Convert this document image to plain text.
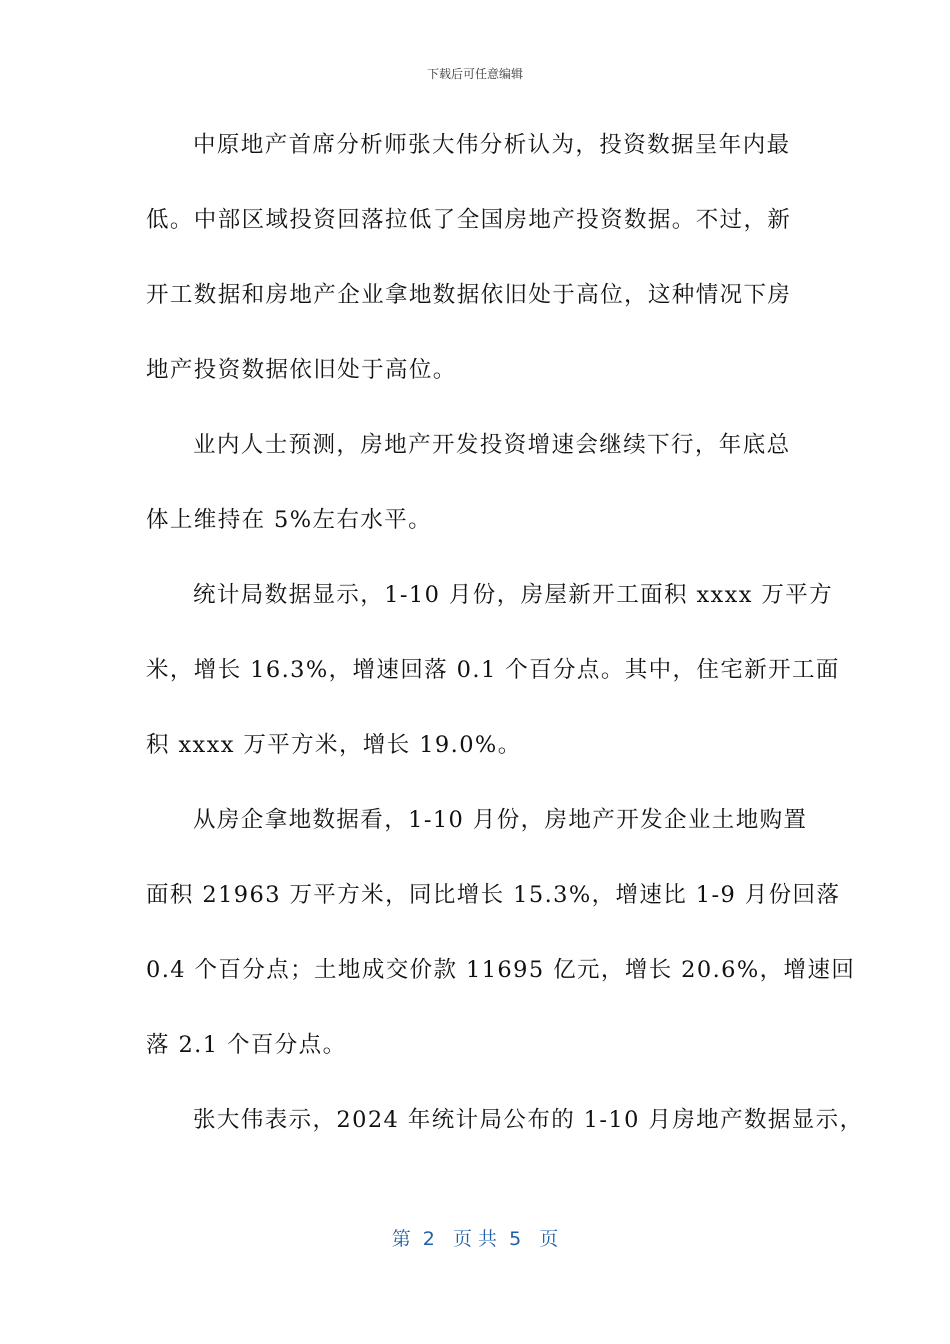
下载后可任意编辑
中原地产首席分析师张大伟分析认为，投资数据呈年内最
低。中部区域投资回落拉低了全国房地产投资数据。不过，新
开工数据和房地产企业拿地数据依旧处于高位，这种情况下房
地产投资数据依旧处于高位。
业内人士预测，房地产开发投资增速会继续下行，年底总
体上维持在 5%左右水平。
统计局数据显示，1-10 月份，房屋新开工面积 xxxx 万平方
米，增长 16.3%，增速回落 0.1 个百分点。其中，住宅新开工面
积 xxxx 万平方米，增长 19.0%。
从房企拿地数据看，1-10 月份，房地产开发企业土地购置
面积 21963 万平方米，同比增长 15.3%，增速比 1-9 月份回落
0.4 个百分点；土地成交价款 11695 亿元，增长 20.6%，增速回
落 2.1 个百分点。
张大伟表示，2024 年统计局公布的 1-10 月房地产数据显示，
第  2   页 共  5   页
